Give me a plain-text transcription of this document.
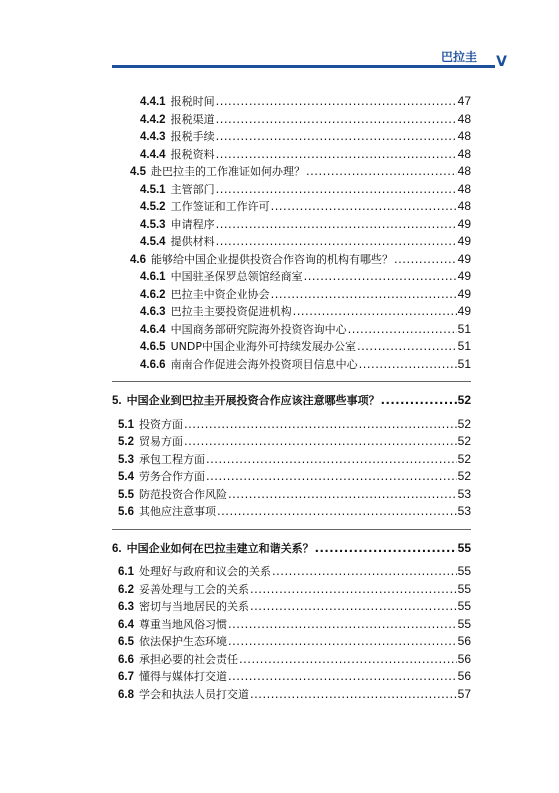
巴拉圭 V
4.4.1 报税时间 .....	47
4.4.2 报税渠道 .....	48
4.4.3 报税手续 .....	48
4.4.4 报税资料 .....	48
4.5 赴巴拉圭的工作准证如何办理？ .....	48
4.5.1 主管部门 .....	48
4.5.2 工作签证和工作许可 .....	48
4.5.3 申请程序 .....	49
4.5.4 提供材料 .....	49
4.6 能够给中国企业提供投资合作咨询的机构有哪些？ .....	49
4.6.1 中国驻圣保罗总领馆经商室 .....	49
4.6.2 巴拉圭中资企业协会 .....	49
4.6.3 巴拉圭主要投资促进机构 .....	49
4.6.4 中国商务部研究院海外投资咨询中心 .....	51
4.6.5 UNDP中国企业海外可持续发展办公室 .....	51
4.6.6 南南合作促进会海外投资项目信息中心 .....	51
5. 中国企业到巴拉圭开展投资合作应该注意哪些事项？ .....	52
5.1 投资方面 .....	52
5.2 贸易方面 .....	52
5.3 承包工程方面 .....	52
5.4 劳务合作方面 .....	52
5.5 防范投资合作风险 .....	53
5.6 其他应注意事项 .....	53
6. 中国企业如何在巴拉圭建立和谐关系？ .....	55
6.1 处理好与政府和议会的关系 .....	55
6.2 妥善处理与工会的关系 .....	55
6.3 密切与当地居民的关系 .....	55
6.4 尊重当地风俗习惯 .....	55
6.5 依法保护生态环境 .....	56
6.6 承担必要的社会责任 .....	56
6.7 懂得与媒体打交道 .....	56
6.8 学会和执法人员打交道 .....	57
